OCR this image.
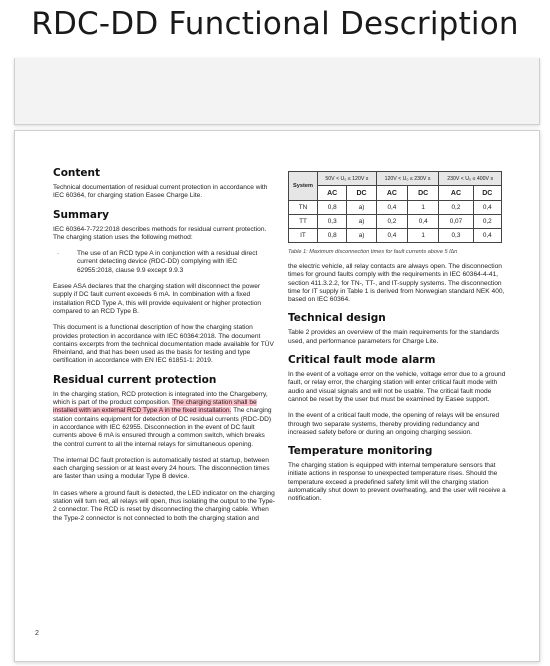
RDC-DD Functional Description
Content

Technical documentation of residual current protection in accordance with IEC 60364, for charging station Easee Charge Lite.

Summary

IEC 60364-7-722:2018 describes methods for residual current protection. The charging station uses the following method:

·	The use of an RCD type A in conjunction with a residual direct current detecting device (RDC-DD) complying with IEC 62955:2018, clause 9.9 except 9.9.3

Easee ASA declares that the charging station will disconnect the power supply if DC fault current exceeds 6 mA. In combination with a fixed installation RCD Type A, this will provide equivalent or higher protection compared to an RCD Type B.

This document is a functional description of how the charging station provides protection in accordance with IEC 60364:2018. The document contains excerpts from the technical documentation made available for TÜV Rheinland, and that has been used as the basis for testing and type certification in accordance with EN IEC 61851-1: 2019.

Residual current protection

In the charging station, RCD protection is integrated into the Chargeberry, which is part of the product composition. The charging station shall be installed with an external RCD Type A in the fixed installation. The charging station contains equipment for detection of DC residual currents (RDC-DD) in accordance with IEC 62955. Disconnection in the event of DC fault currents above 6 mA is ensured through a common switch, which breaks the control current to all the internal relays for simultaneous opening.

The internal DC fault protection is automatically tested at startup, between each charging session or at least every 24 hours. The disconnection times are faster than using a modular Type B device.

In cases where a ground fault is detected, the LED indicator on the charging station will turn red, all relays will open, thus isolating the output to the Type-2 connector. The RCD is reset by disconnecting the charging cable. When the Type-2 connector is not connected to both the charging station and

System	50V < U₀ ≤ 120V s		120V < U₀ ≤ 230V s		230V < U₀ ≤ 400V s	
	AC	DC	AC	DC	AC	DC
TN	0,8	a)	0,4	1	0,2	0,4
TT	0,3	a)	0,2	0,4	0,07	0,2
IT	0,8	a)	0,4	1	0,3	0,4
Table 1: Maximum disconnection times for fault currents above 5 I∆n

the electric vehicle, all relay contacts are always open. The disconnection times for ground faults comply with the requirements in IEC 60364-4-41, section 411.3.2.2, for TN-, TT-, and IT-supply systems. The disconnection time for IT supply in Table 1 is derived from Norwegian standard NEK 400, based on IEC 60364.

Technical design

Table 2 provides an overview of the main requirements for the standards used, and performance parameters for Charge Lite.

Critical fault mode alarm

In the event of a voltage error on the vehicle, voltage error due to a ground fault, or relay error, the charging station will enter critical fault mode with audio and visual signals and will not be usable. The critical fault mode cannot be reset by the user but must be examined by Easee support.

In the event of a critical fault mode, the opening of relays will be ensured through two separate systems, thereby providing redundancy and increased safety before or during an ongoing charging session.

Temperature monitoring

The charging station is equipped with internal temperature sensors that initiate actions in response to unexpected temperature rises. Should the temperature exceed a predefined safety limit will the charging station automatically shut down to prevent overheating, and the user will receive a notification.

2
